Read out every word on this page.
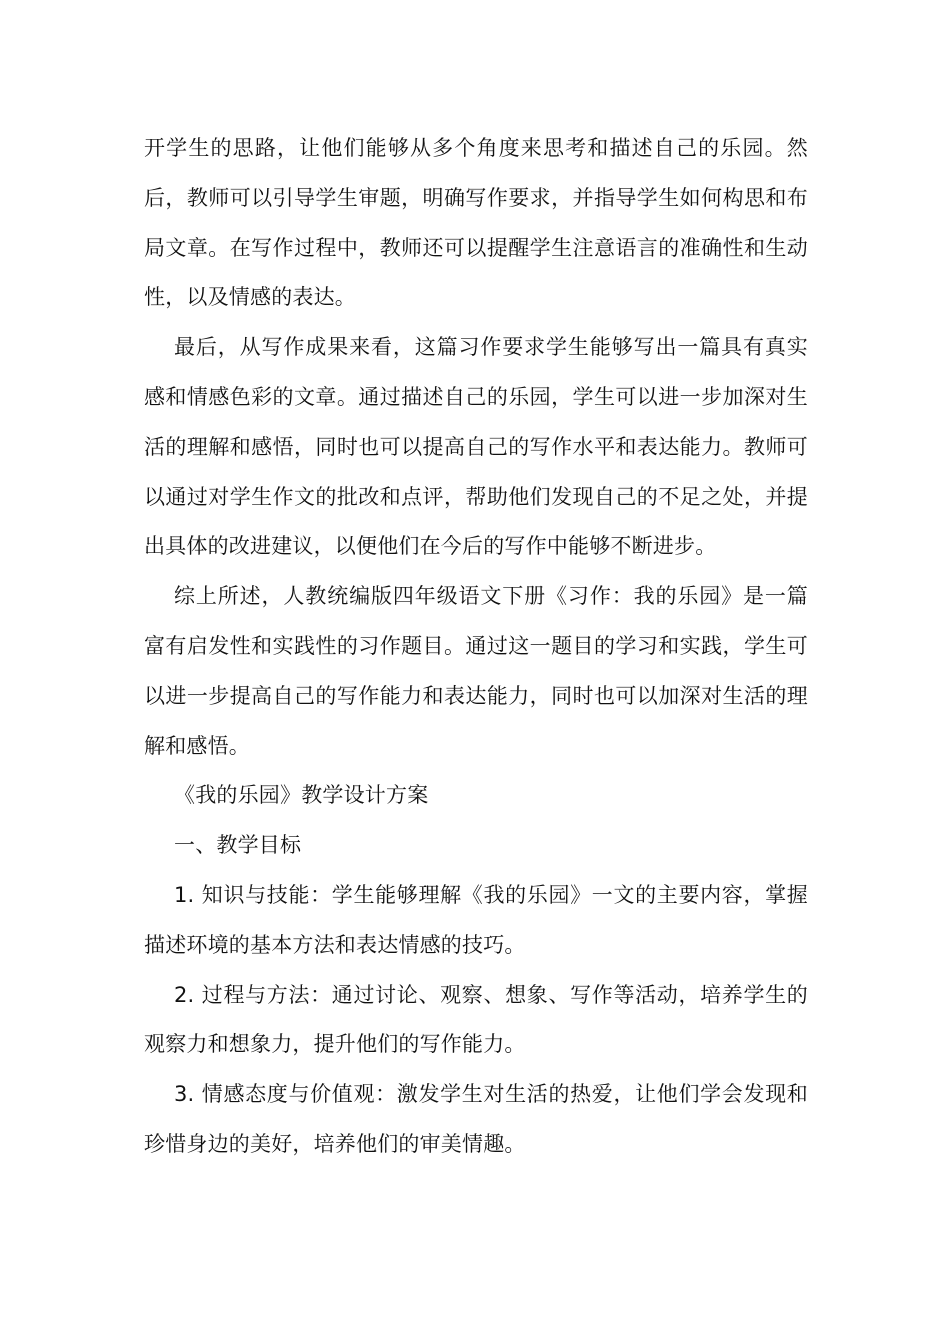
开学生的思路，让他们能够从多个角度来思考和描述自己的乐园。然后，教师可以引导学生审题，明确写作要求，并指导学生如何构思和布局文章。在写作过程中，教师还可以提醒学生注意语言的准确性和生动性，以及情感的表达。

最后，从写作成果来看，这篇习作要求学生能够写出一篇具有真实感和情感色彩的文章。通过描述自己的乐园，学生可以进一步加深对生活的理解和感悟，同时也可以提高自己的写作水平和表达能力。教师可以通过对学生作文的批改和点评，帮助他们发现自己的不足之处，并提出具体的改进建议，以便他们在今后的写作中能够不断进步。

综上所述，人教统编版四年级语文下册《习作：我的乐园》是一篇富有启发性和实践性的习作题目。通过这一题目的学习和实践，学生可以进一步提高自己的写作能力和表达能力，同时也可以加深对生活的理解和感悟。

《我的乐园》教学设计方案

一、教学目标

1. 知识与技能：学生能够理解《我的乐园》一文的主要内容，掌握描述环境的基本方法和表达情感的技巧。

2. 过程与方法：通过讨论、观察、想象、写作等活动，培养学生的观察力和想象力，提升他们的写作能力。

3. 情感态度与价值观：激发学生对生活的热爱，让他们学会发现和珍惜身边的美好，培养他们的审美情趣。
